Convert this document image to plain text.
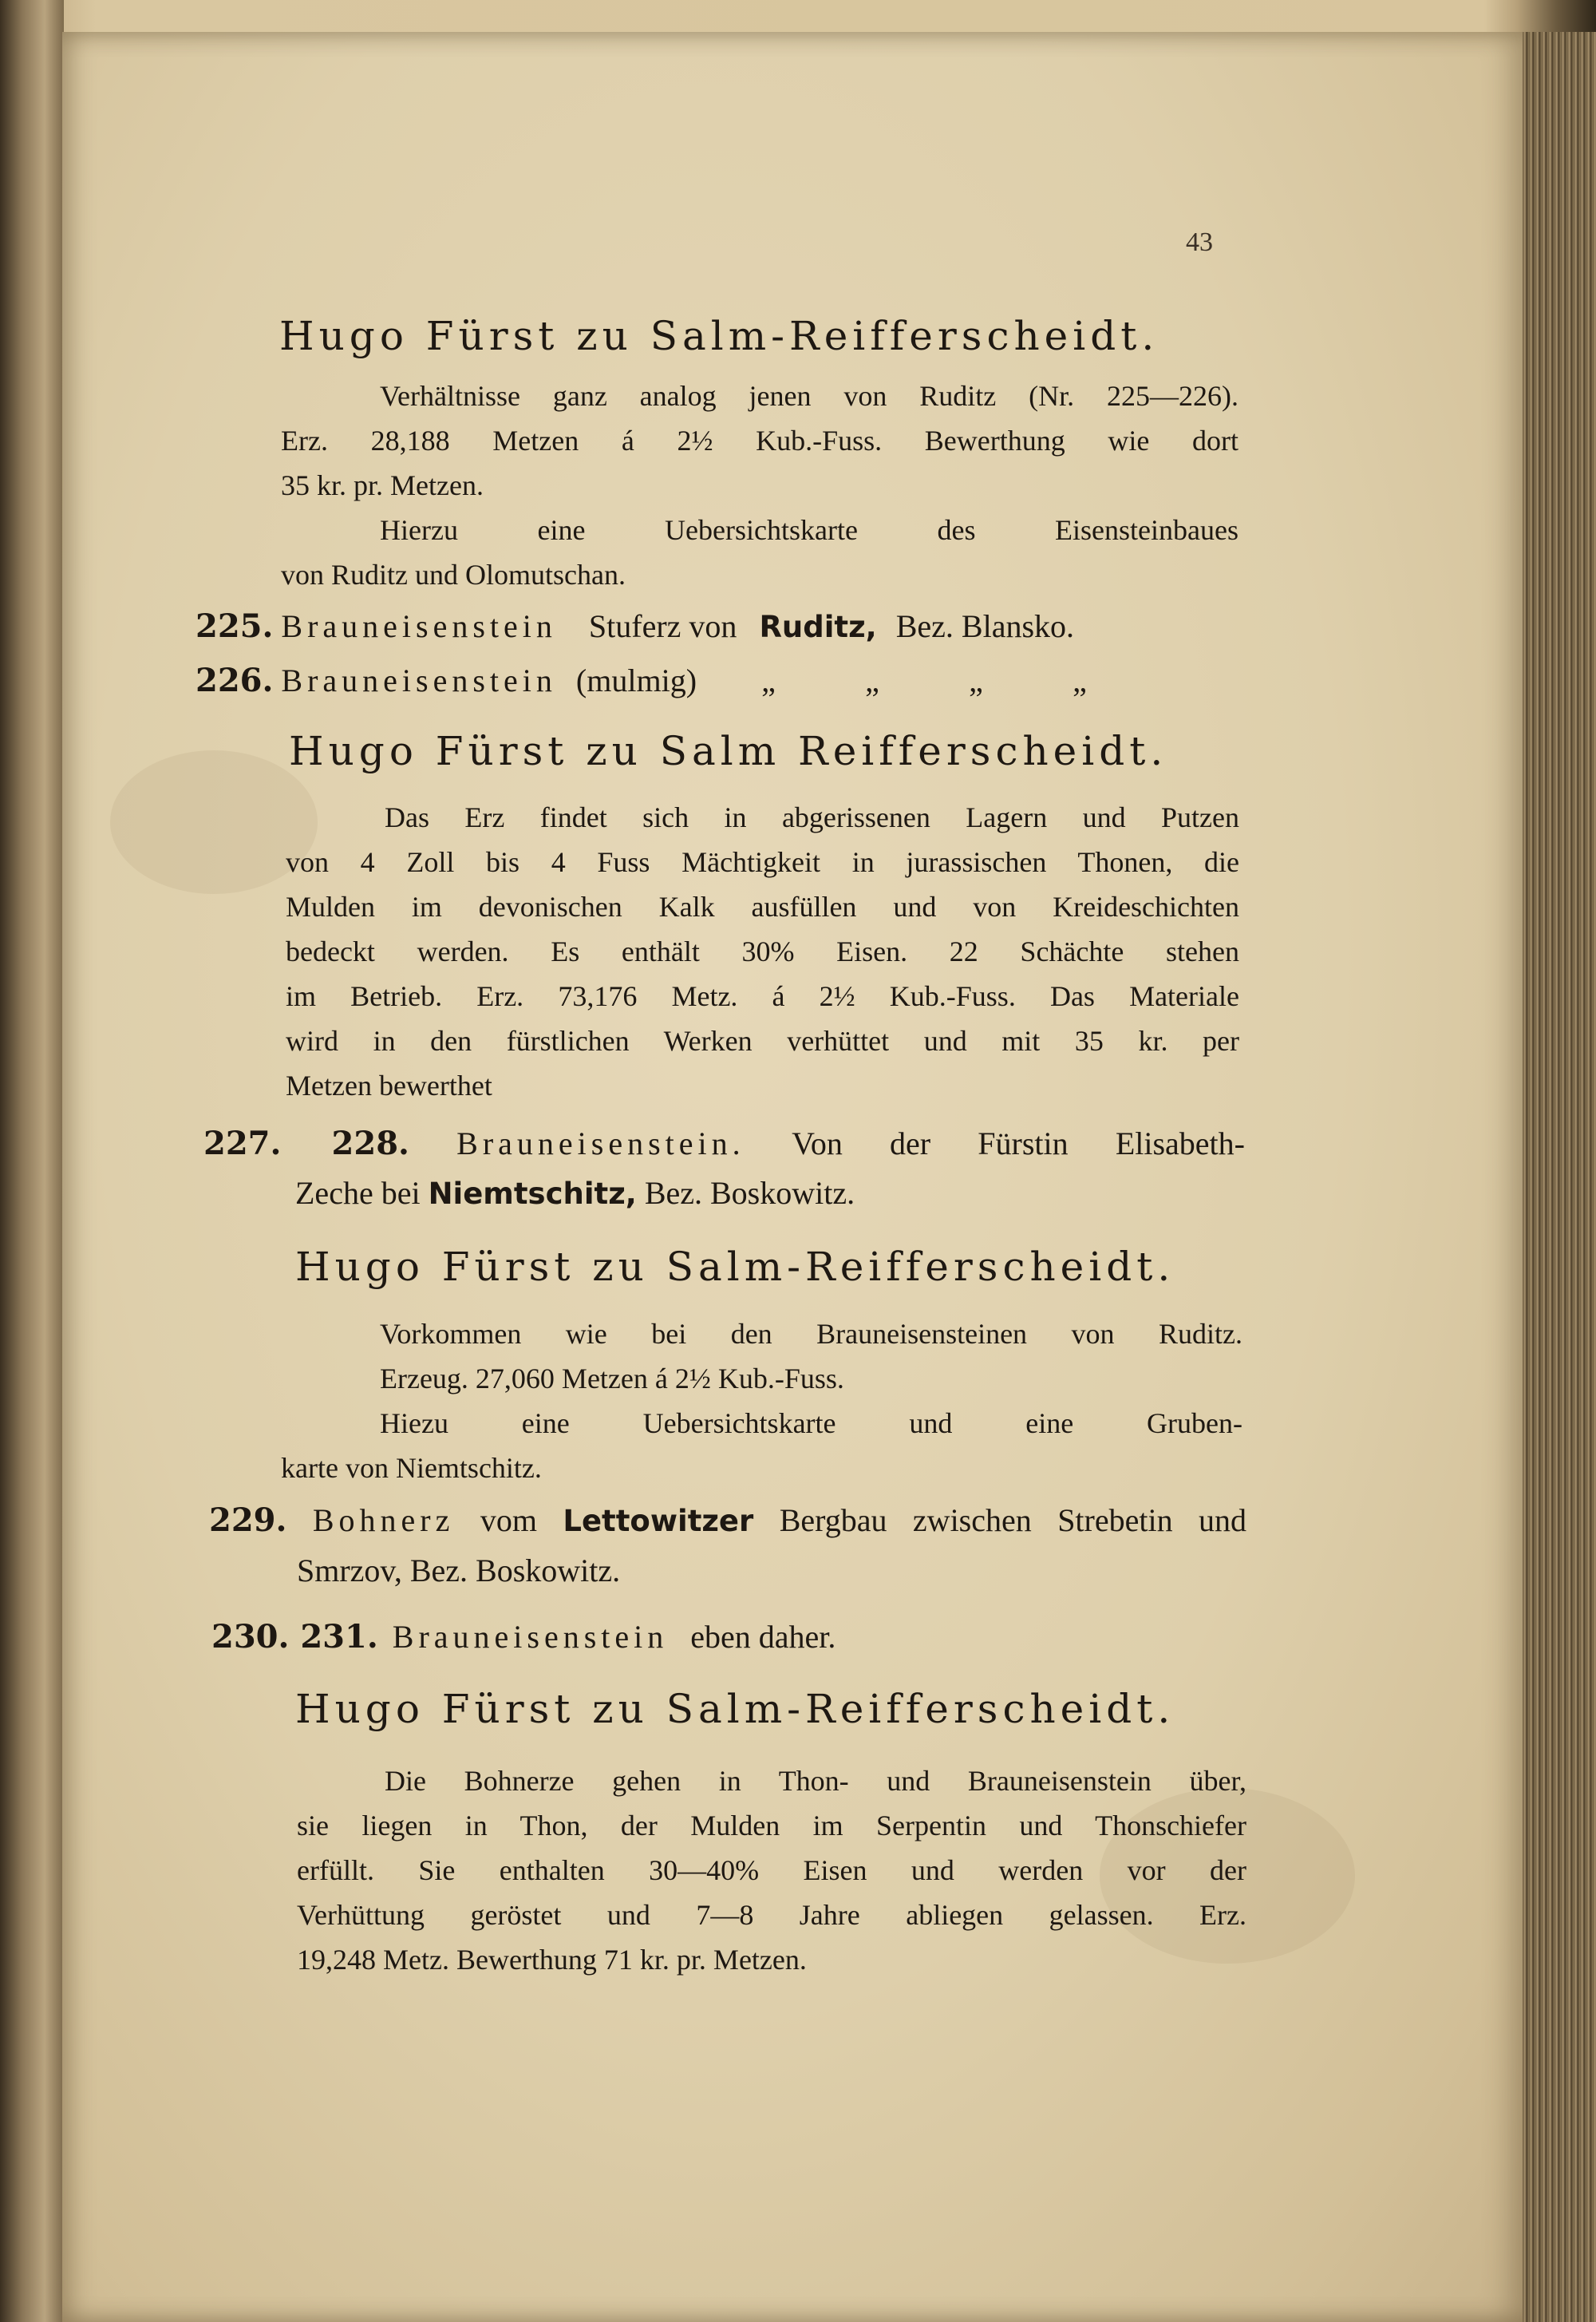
43
Hugo Fürst zu Salm-Reifferscheidt.
Verhältnisse ganz analog jenen von Ruditz (Nr. 225—226).
Erz. 28,188 Metzen á 2½ Kub.-Fuss. Bewerthung wie dort
35 kr. pr. Metzen.
Hierzu eine Uebersichtskarte des Eisensteinbaues
von Ruditz und Olomutschan.
225. Brauneisenstein Stuferz von Ruditz, Bez. Blansko.
226. Brauneisenstein (mulmig) „	„	„	„
Hugo Fürst zu Salm Reifferscheidt.
Das Erz findet sich in abgerissenen Lagern und Putzen
von 4 Zoll bis 4 Fuss Mächtigkeit in jurassischen Thonen, die
Mulden im devonischen Kalk ausfüllen und von Kreideschichten
bedeckt werden. Es enthält 30% Eisen. 22 Schächte stehen
im Betrieb. Erz. 73,176 Metz. á 2½ Kub.-Fuss. Das Materiale
wird in den fürstlichen Werken verhüttet und mit 35 kr. per
Metzen bewerthet
227. 228. Brauneisenstein. Von der Fürstin Elisabeth-
Zeche bei Niemtschitz, Bez. Boskowitz.
Hugo Fürst zu Salm-Reifferscheidt.
Vorkommen wie bei den Brauneisensteinen von Ruditz.
Erzeug. 27,060 Metzen á 2½ Kub.-Fuss.
Hiezu eine Uebersichtskarte und eine Gruben-
karte von Niemtschitz.
229. Bohnerz vom Lettowitzer Bergbau zwischen Strebetin und
Smrzov, Bez. Boskowitz.
230. 231. Brauneisenstein eben daher.
Hugo Fürst zu Salm-Reifferscheidt.
Die Bohnerze gehen in Thon- und Brauneisenstein über,
sie liegen in Thon, der Mulden im Serpentin und Thonschiefer
erfüllt. Sie enthalten 30—40% Eisen und werden vor der
Verhüttung geröstet und 7—8 Jahre abliegen gelassen. Erz.
19,248 Metz. Bewerthung 71 kr. pr. Metzen.
